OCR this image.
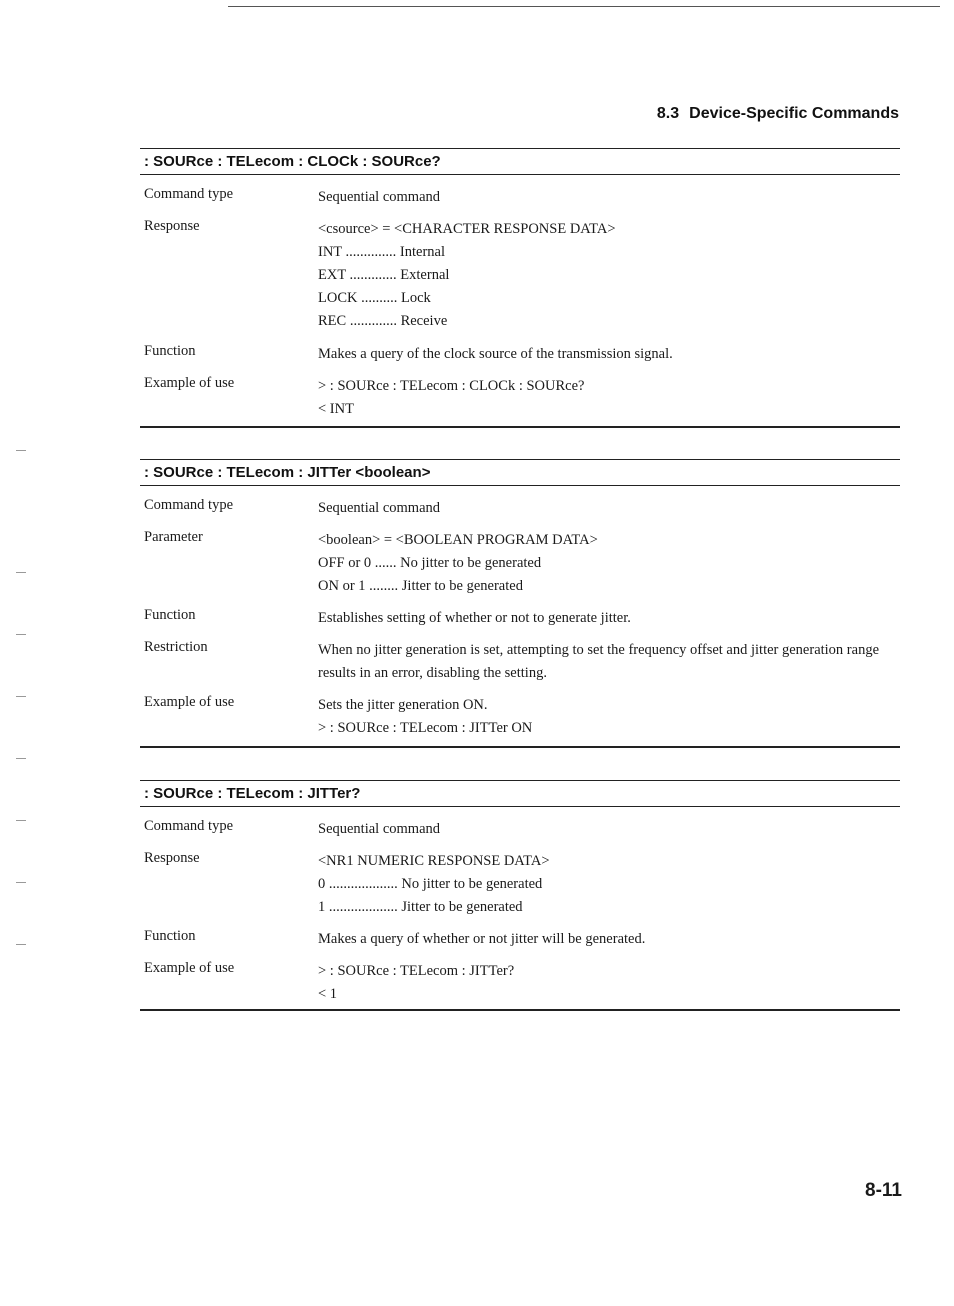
8.3 Device-Specific Commands
: SOURce : TELecom : CLOCk : SOURce?
Command type	Sequential command
Response	<csource> = <CHARACTER RESPONSE DATA>
INT .............. Internal
EXT ............. External
LOCK .......... Lock
REC ............. Receive
Function	Makes a query of the clock source of the transmission signal.
Example of use	> : SOURce : TELecom : CLOCk : SOURce?
< INT
: SOURce : TELecom : JITTer <boolean>
Command type	Sequential command
Parameter	<boolean> = <BOOLEAN PROGRAM DATA>
OFF or 0 ...... No jitter to be generated
ON or 1 ........ Jitter to be generated
Function	Establishes setting of whether or not to generate jitter.
Restriction	When no jitter generation is set, attempting to set the frequency offset and jitter generation range results in an error, disabling the setting.
Example of use	Sets the jitter generation ON.
> : SOURce : TELecom : JITTer ON
: SOURce : TELecom : JITTer?
Command type	Sequential command
Response	<NR1 NUMERIC RESPONSE DATA>
0 ................... No jitter to be generated
1 ................... Jitter to be generated
Function	Makes a query of whether or not jitter will be generated.
Example of use	> : SOURce : TELecom : JITTer?
< 1
8-11
